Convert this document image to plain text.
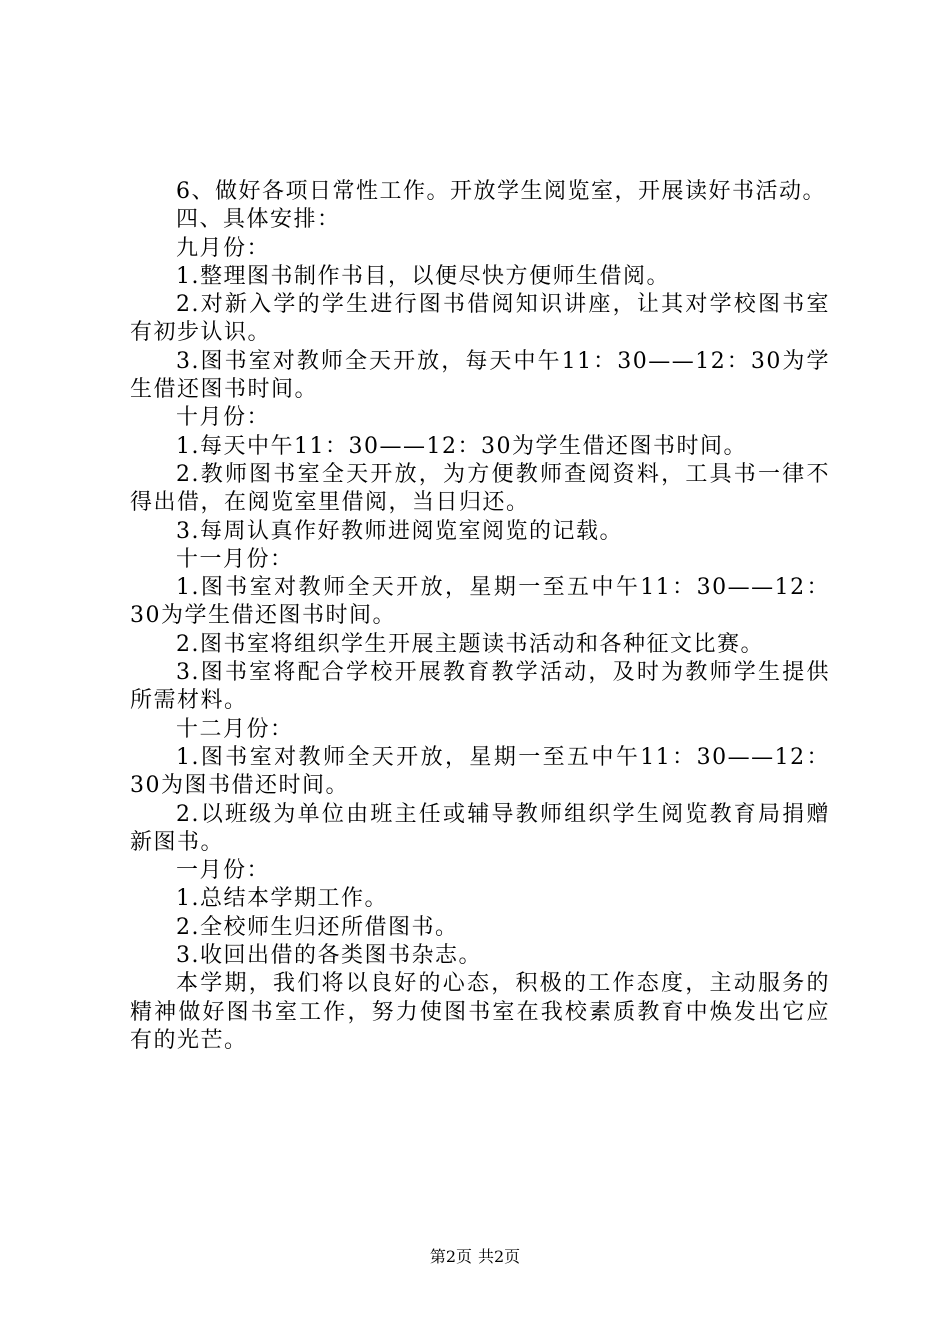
6、做好各项日常性工作。开放学生阅览室，开展读好书活动。

四、具体安排：

九月份：

1.整理图书制作书目，以便尽快方便师生借阅。

2.对新入学的学生进行图书借阅知识讲座，让其对学校图书室有初步认识。

3.图书室对教师全天开放，每天中午11：30——12：30为学生借还图书时间。

十月份：

1.每天中午11：30——12：30为学生借还图书时间。

2.教师图书室全天开放，为方便教师查阅资料，工具书一律不得出借，在阅览室里借阅，当日归还。

3.每周认真作好教师进阅览室阅览的记载。

十一月份：

1.图书室对教师全天开放，星期一至五中午11：30——12：30为学生借还图书时间。

2.图书室将组织学生开展主题读书活动和各种征文比赛。

3.图书室将配合学校开展教育教学活动，及时为教师学生提供所需材料。

十二月份：

1.图书室对教师全天开放，星期一至五中午11：30——12：30为图书借还时间。

2.以班级为单位由班主任或辅导教师组织学生阅览教育局捐赠新图书。

一月份：

1.总结本学期工作。

2.全校师生归还所借图书。

3.收回出借的各类图书杂志。

本学期，我们将以良好的心态，积极的工作态度，主动服务的精神做好图书室工作，努力使图书室在我校素质教育中焕发出它应有的光芒。

第2页 共2页
